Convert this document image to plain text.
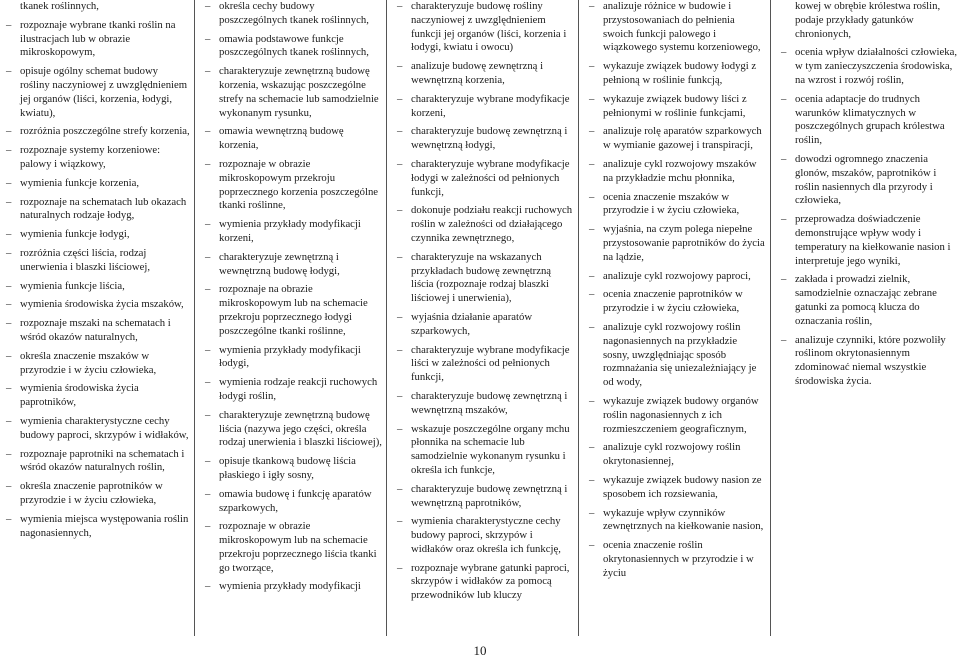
tkanek roślinnych,
– rozpoznaje wybrane tkanki roślin na ilustracjach lub w obrazie mikroskopowym,
– opisuje ogólny schemat budowy rośliny naczyniowej z uwzględnieniem jej organów (liści, korzenia, łodygi, kwiatu),
– rozróżnia poszczególne strefy korzenia,
– rozpoznaje systemy korzeniowe: palowy i wiązkowy,
– wymienia funkcje korzenia,
– rozpoznaje na schematach lub okazach naturalnych rodzaje łodyg,
– wymienia funkcje łodygi,
– rozróżnia części liścia, rodzaj unerwienia i blaszki liściowej,
– wymienia funkcje liścia,
– wymienia środowiska życia mszaków,
– rozpoznaje mszaki na schematach i wśród okazów naturalnych,
– określa znaczenie mszaków w przyrodzie i w życiu człowieka,
– wymienia środowiska życia paprotników,
– wymienia charakterystyczne cechy budowy paproci, skrzypów i widłaków,
– rozpoznaje paprotniki na schematach i wśród okazów naturalnych roślin,
– określa znaczenie paprotników w przyrodzie i w życiu człowieka,
– wymienia miejsca występowania roślin nagonasiennych,
– określa cechy budowy poszczególnych tkanek roślinnych,
– omawia podstawowe funkcje poszczególnych tkanek roślinnych,
– charakteryzuje zewnętrzną budowę korzenia, wskazując poszczególne strefy na schemacie lub samodzielnie wykonanym rysunku,
– omawia wewnętrzną budowę korzenia,
– rozpoznaje w obrazie mikroskopowym przekroju poprzecznego korzenia poszczególne tkanki roślinne,
– wymienia przykłady modyfikacji korzeni,
– charakteryzuje zewnętrzną i wewnętrzną budowę łodygi,
– rozpoznaje na obrazie mikroskopowym lub na schemacie przekroju poprzecznego łodygi poszczególne tkanki roślinne,
– wymienia przykłady modyfikacji łodygi,
– wymienia rodzaje reakcji ruchowych łodygi roślin,
– charakteryzuje zewnętrzną budowę liścia (nazywa jego części, określa rodzaj unerwienia i blaszki liściowej),
– opisuje tkankową budowę liścia płaskiego i igły sosny,
– omawia budowę i funkcję aparatów szparkowych,
– rozpoznaje w obrazie mikroskopowym lub na schemacie przekroju poprzecznego liścia tkanki go tworzące,
– wymienia przykłady modyfikacji
– charakteryzuje budowę rośliny naczyniowej z uwzględnieniem funkcji jej organów (liści, korzenia i łodygi, kwiatu i owocu)
– analizuje budowę zewnętrzną i wewnętrzną korzenia,
– charakteryzuje wybrane modyfikacje korzeni,
– charakteryzuje budowę zewnętrzną i wewnętrzną łodygi,
– charakteryzuje wybrane modyfikacje łodygi w zależności od pełnionych funkcji,
– dokonuje podziału reakcji ruchowych roślin w zależności od działającego czynnika zewnętrznego,
– charakteryzuje na wskazanych przykładach budowę zewnętrzną liścia (rozpoznaje rodzaj blaszki liściowej i unerwienia),
– wyjaśnia działanie aparatów szparkowych,
– charakteryzuje wybrane modyfikacje liści w zależności od pełnionych funkcji,
– charakteryzuje budowę zewnętrzną i wewnętrzną mszaków,
– wskazuje poszczególne organy mchu płonnika na schemacie lub samodzielnie wykonanym rysunku i określa ich funkcje,
– charakteryzuje budowę zewnętrzną i wewnętrzną paprotników,
– wymienia charakterystyczne cechy budowy paproci, skrzypów i widłaków oraz określa ich funkcję,
– rozpoznaje wybrane gatunki paproci, skrzypów i widłaków za pomocą przewodników lub kluczy
– analizuje różnice w budowie i przystosowaniach do pełnienia swoich funkcji palowego i wiązkowego systemu korzeniowego,
– wykazuje związek budowy łodygi z pełnioną w roślinie funkcją,
– wykazuje związek budowy liści z pełnionymi w roślinie funkcjami,
– analizuje rolę aparatów szparkowych w wymianie gazowej i transpiracji,
– analizuje cykl rozwojowy mszaków na przykładzie mchu płonnika,
– ocenia znaczenie mszaków w przyrodzie i w życiu człowieka,
– wyjaśnia, na czym polega niepełne przystosowanie paprotników do życia na lądzie,
– analizuje cykl rozwojowy paproci,
– ocenia znaczenie paprotników w przyrodzie i w życiu człowieka,
– analizuje cykl rozwojowy roślin nagonasiennych na przykładzie sosny, uwzględniając sposób rozmnażania się uniezależniający je od wody,
– wykazuje związek budowy organów roślin nagonasiennych z ich rozmieszczeniem geograficznym,
– analizuje cykl rozwojowy roślin okrytonasiennej,
– wykazuje związek budowy nasion ze sposobem ich rozsiewania,
– wykazuje wpływ czynników zewnętrznych na kiełkowanie nasion,
– ocenia znaczenie roślin okrytonasiennych w przyrodzie i w życiu
kowej w obrębie królestwa roślin, podaje przykłady gatunków chronionych,
– ocenia wpływ działalności człowieka, w tym zanieczyszczenia środowiska, na wzrost i rozwój roślin,
– ocenia adaptacje do trudnych warunków klimatycznych w poszczególnych grupach królestwa roślin,
– dowodzi ogromnego znaczenia glonów, mszaków, paprotników i roślin nasiennych dla przyrody i człowieka,
– przeprowadza doświadczenie demonstrujące wpływ wody i temperatury na kiełkowanie nasion i interpretuje jego wyniki,
– zakłada i prowadzi zielnik, samodzielnie oznaczając zebrane gatunki za pomocą klucza do oznaczania roślin,
– analizuje czynniki, które pozwoliły roślinom okrytonasiennym zdominować niemal wszystkie środowiska życia.
10
